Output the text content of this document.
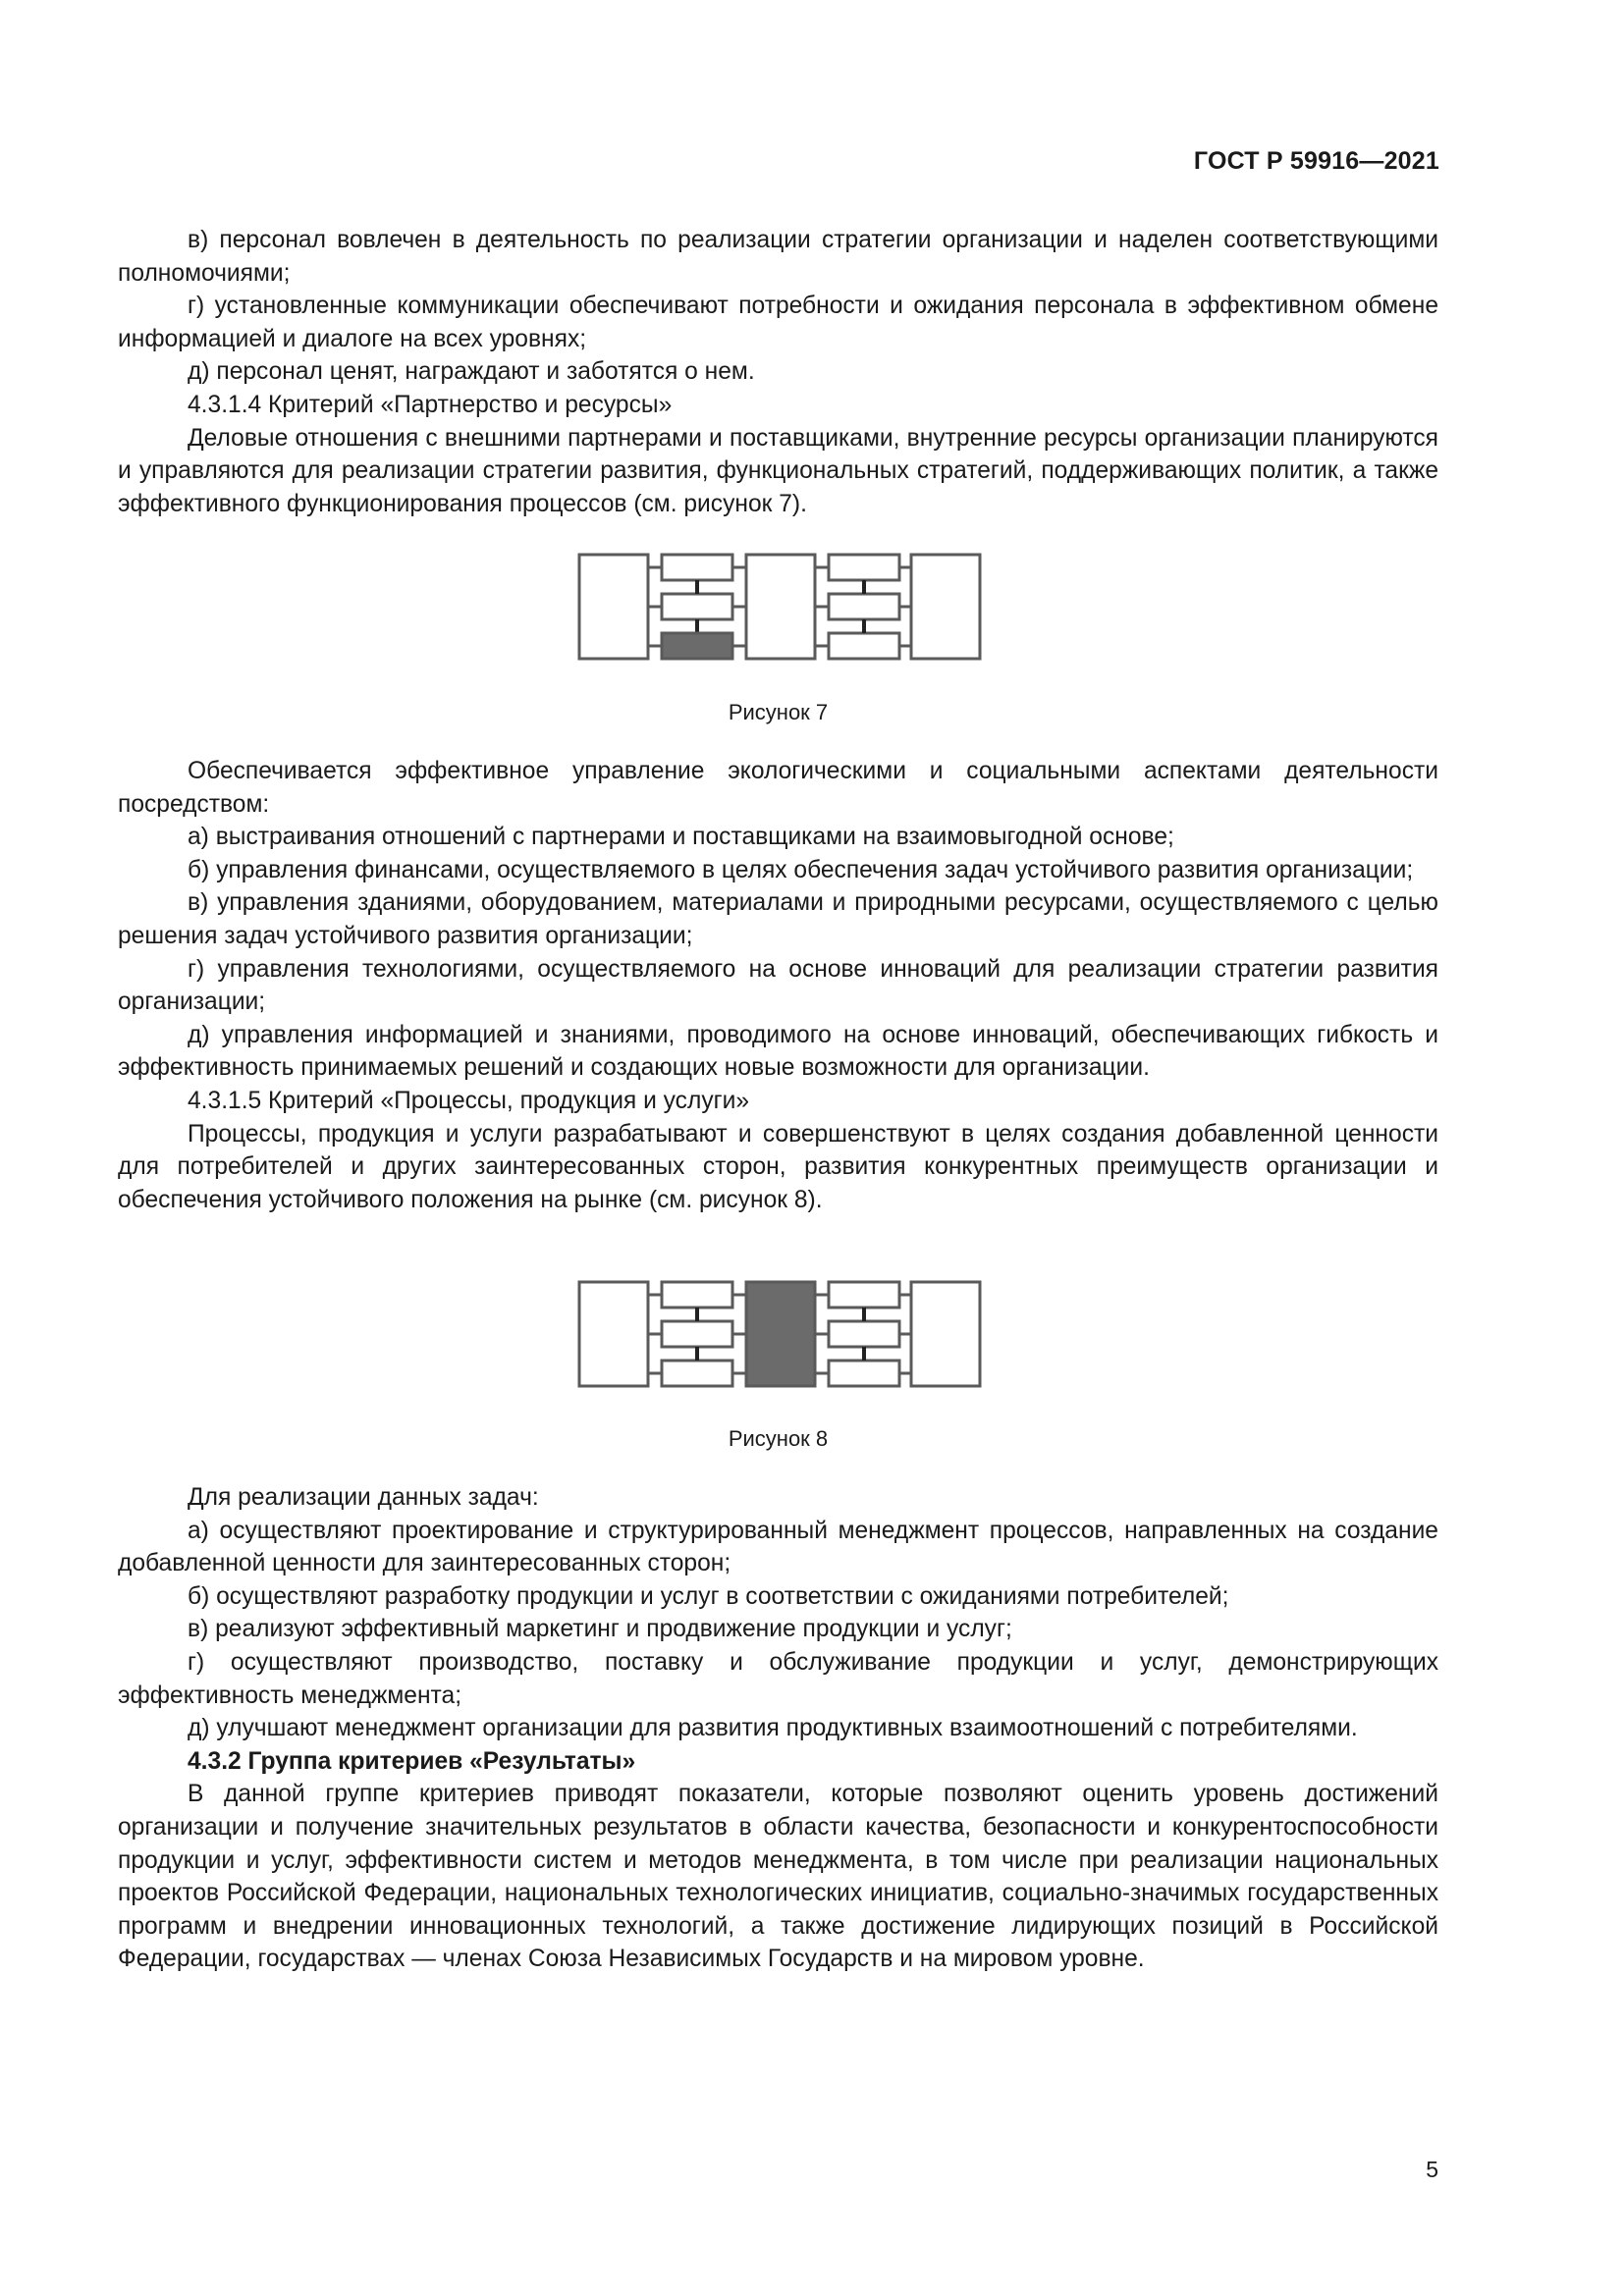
ГОСТ Р 59916—2021

в) персонал вовлечен в деятельность по реализации стратегии организации и наделен соответствующими полномочиями;

г) установленные коммуникации обеспечивают потребности и ожидания персонала в эффективном обмене информацией и диалоге на всех уровнях;

д) персонал ценят, награждают и заботятся о нем.

4.3.1.4 Критерий «Партнерство и ресурсы»

Деловые отношения с внешними партнерами и поставщиками, внутренние ресурсы организации планируются и управляются для реализации стратегии развития, функциональных стратегий, поддерживающих политик, а также эффективного функционирования процессов (см. рисунок 7).

Рисунок 7

Обеспечивается эффективное управление экологическими и социальными аспектами деятельности посредством:

а) выстраивания отношений с партнерами и поставщиками на взаимовыгодной основе;

б) управления финансами, осуществляемого в целях обеспечения задач устойчивого развития организации;

в) управления зданиями, оборудованием, материалами и природными ресурсами, осуществляемого с целью решения задач устойчивого развития организации;

г) управления технологиями, осуществляемого на основе инноваций для реализации стратегии развития организации;

д) управления информацией и знаниями, проводимого на основе инноваций, обеспечивающих гибкость и эффективность принимаемых решений и создающих новые возможности для организации.

4.3.1.5 Критерий «Процессы, продукция и услуги»

Процессы, продукция и услуги разрабатывают и совершенствуют в целях создания добавленной ценности для потребителей и других заинтересованных сторон, развития конкурентных преимуществ организации и обеспечения устойчивого положения на рынке (см. рисунок 8).

Рисунок 8

Для реализации данных задач:

а) осуществляют проектирование и структурированный менеджмент процессов, направленных на создание добавленной ценности для заинтересованных сторон;

б) осуществляют разработку продукции и услуг в соответствии с ожиданиями потребителей;

в) реализуют эффективный маркетинг и продвижение продукции и услуг;

г) осуществляют производство, поставку и обслуживание продукции и услуг, демонстрирующих эффективность менеджмента;

д) улучшают менеджмент организации для развития продуктивных взаимоотношений с потребителями.

4.3.2 Группа критериев «Результаты»

В данной группе критериев приводят показатели, которые позволяют оценить уровень достижений организации и получение значительных результатов в области качества, безопасности и конкурентоспособности продукции и услуг, эффективности систем и методов менеджмента, в том числе при реализации национальных проектов Российской Федерации, национальных технологических инициатив, социально-значимых государственных программ и внедрении инновационных технологий, а также достижение лидирующих позиций в Российской Федерации, государствах — членах Союза Независимых Государств и на мировом уровне.

5
